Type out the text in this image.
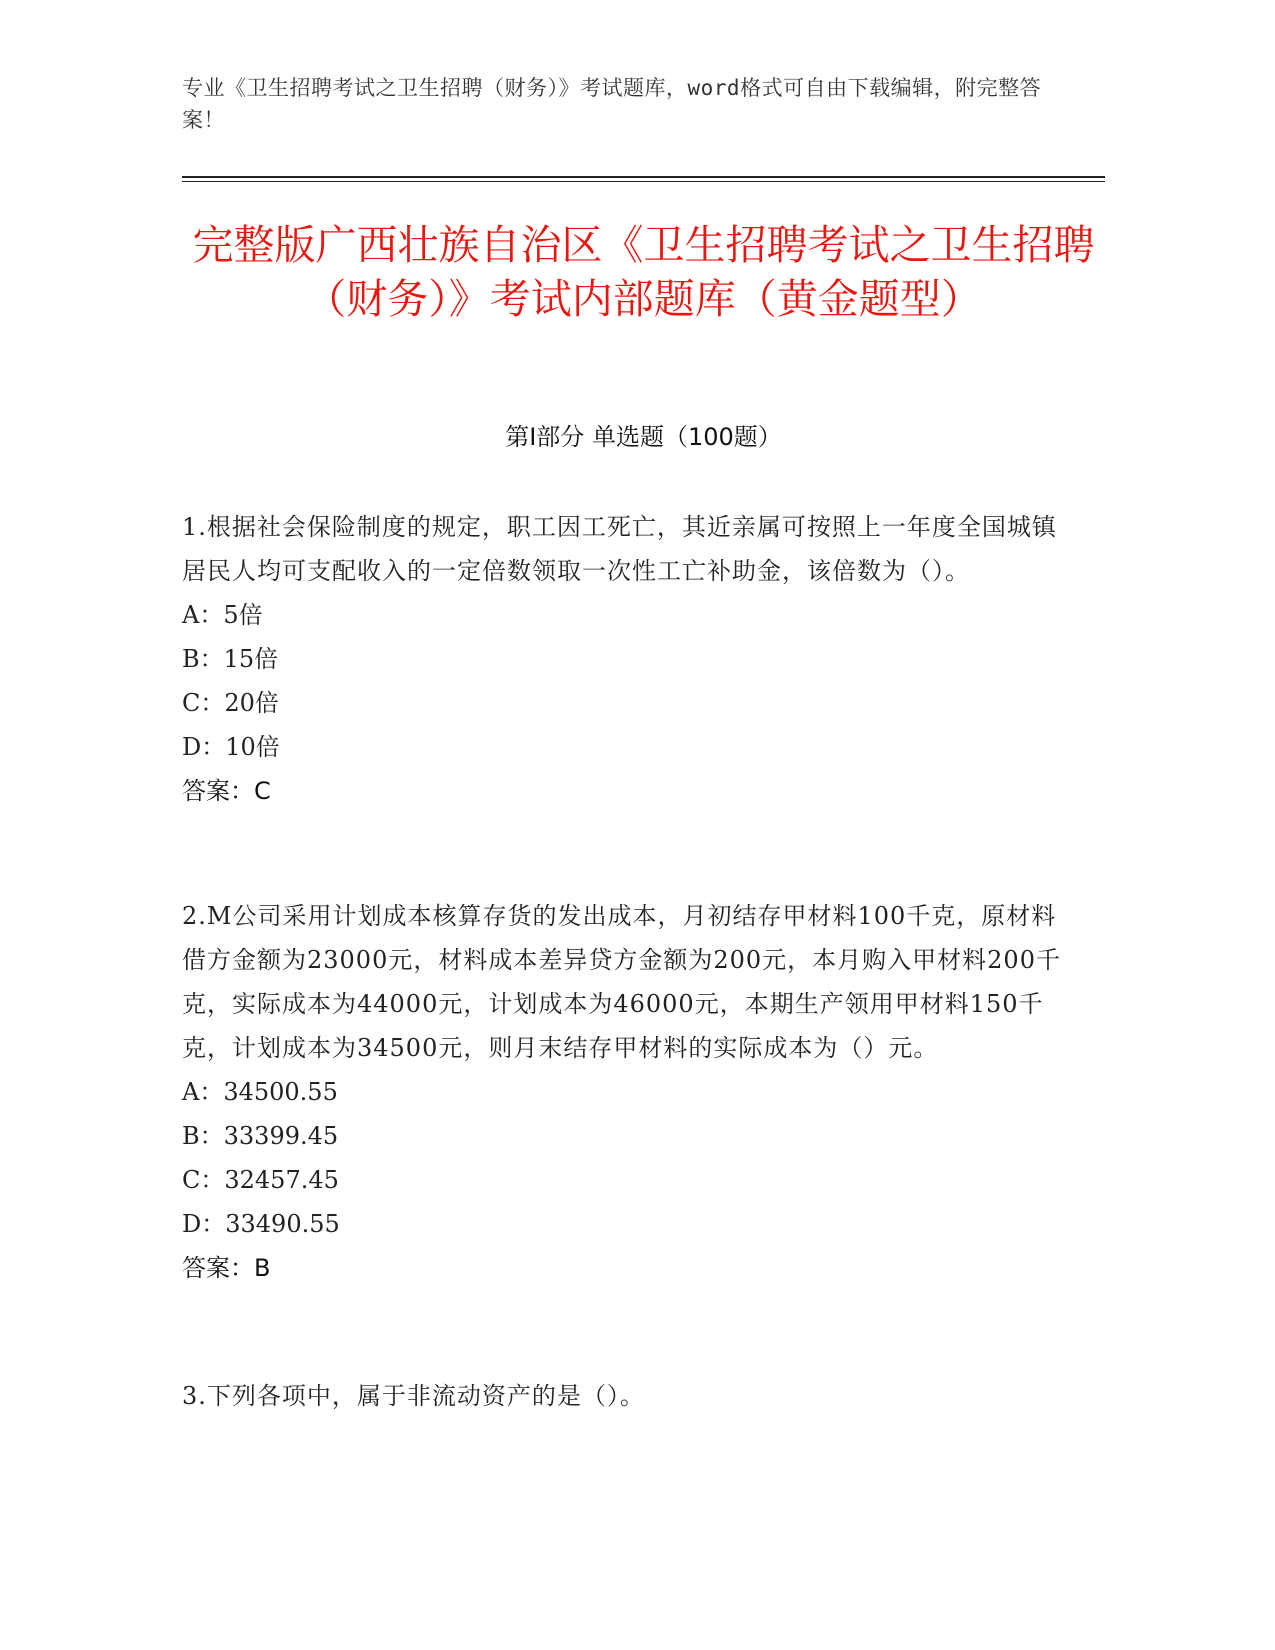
专业《卫生招聘考试之卫生招聘（财务）》考试题库，word格式可自由下载编辑，附完整答案！
完整版广西壮族自治区《卫生招聘考试之卫生招聘（财务）》考试内部题库（黄金题型）
第Ⅰ部分 单选题（100题）
1.根据社会保险制度的规定，职工因工死亡，其近亲属可按照上一年度全国城镇居民人均可支配收入的一定倍数领取一次性工亡补助金，该倍数为（）。
A：5倍
B：15倍
C：20倍
D：10倍
答案：C
2.M公司采用计划成本核算存货的发出成本，月初结存甲材料100千克，原材料借方金额为23000元，材料成本差异贷方金额为200元，本月购入甲材料200千克，实际成本为44000元，计划成本为46000元，本期生产领用甲材料150千克，计划成本为34500元，则月末结存甲材料的实际成本为（）元。
A：34500.55
B：33399.45
C：32457.45
D：33490.55
答案：B
3.下列各项中，属于非流动资产的是（）。
